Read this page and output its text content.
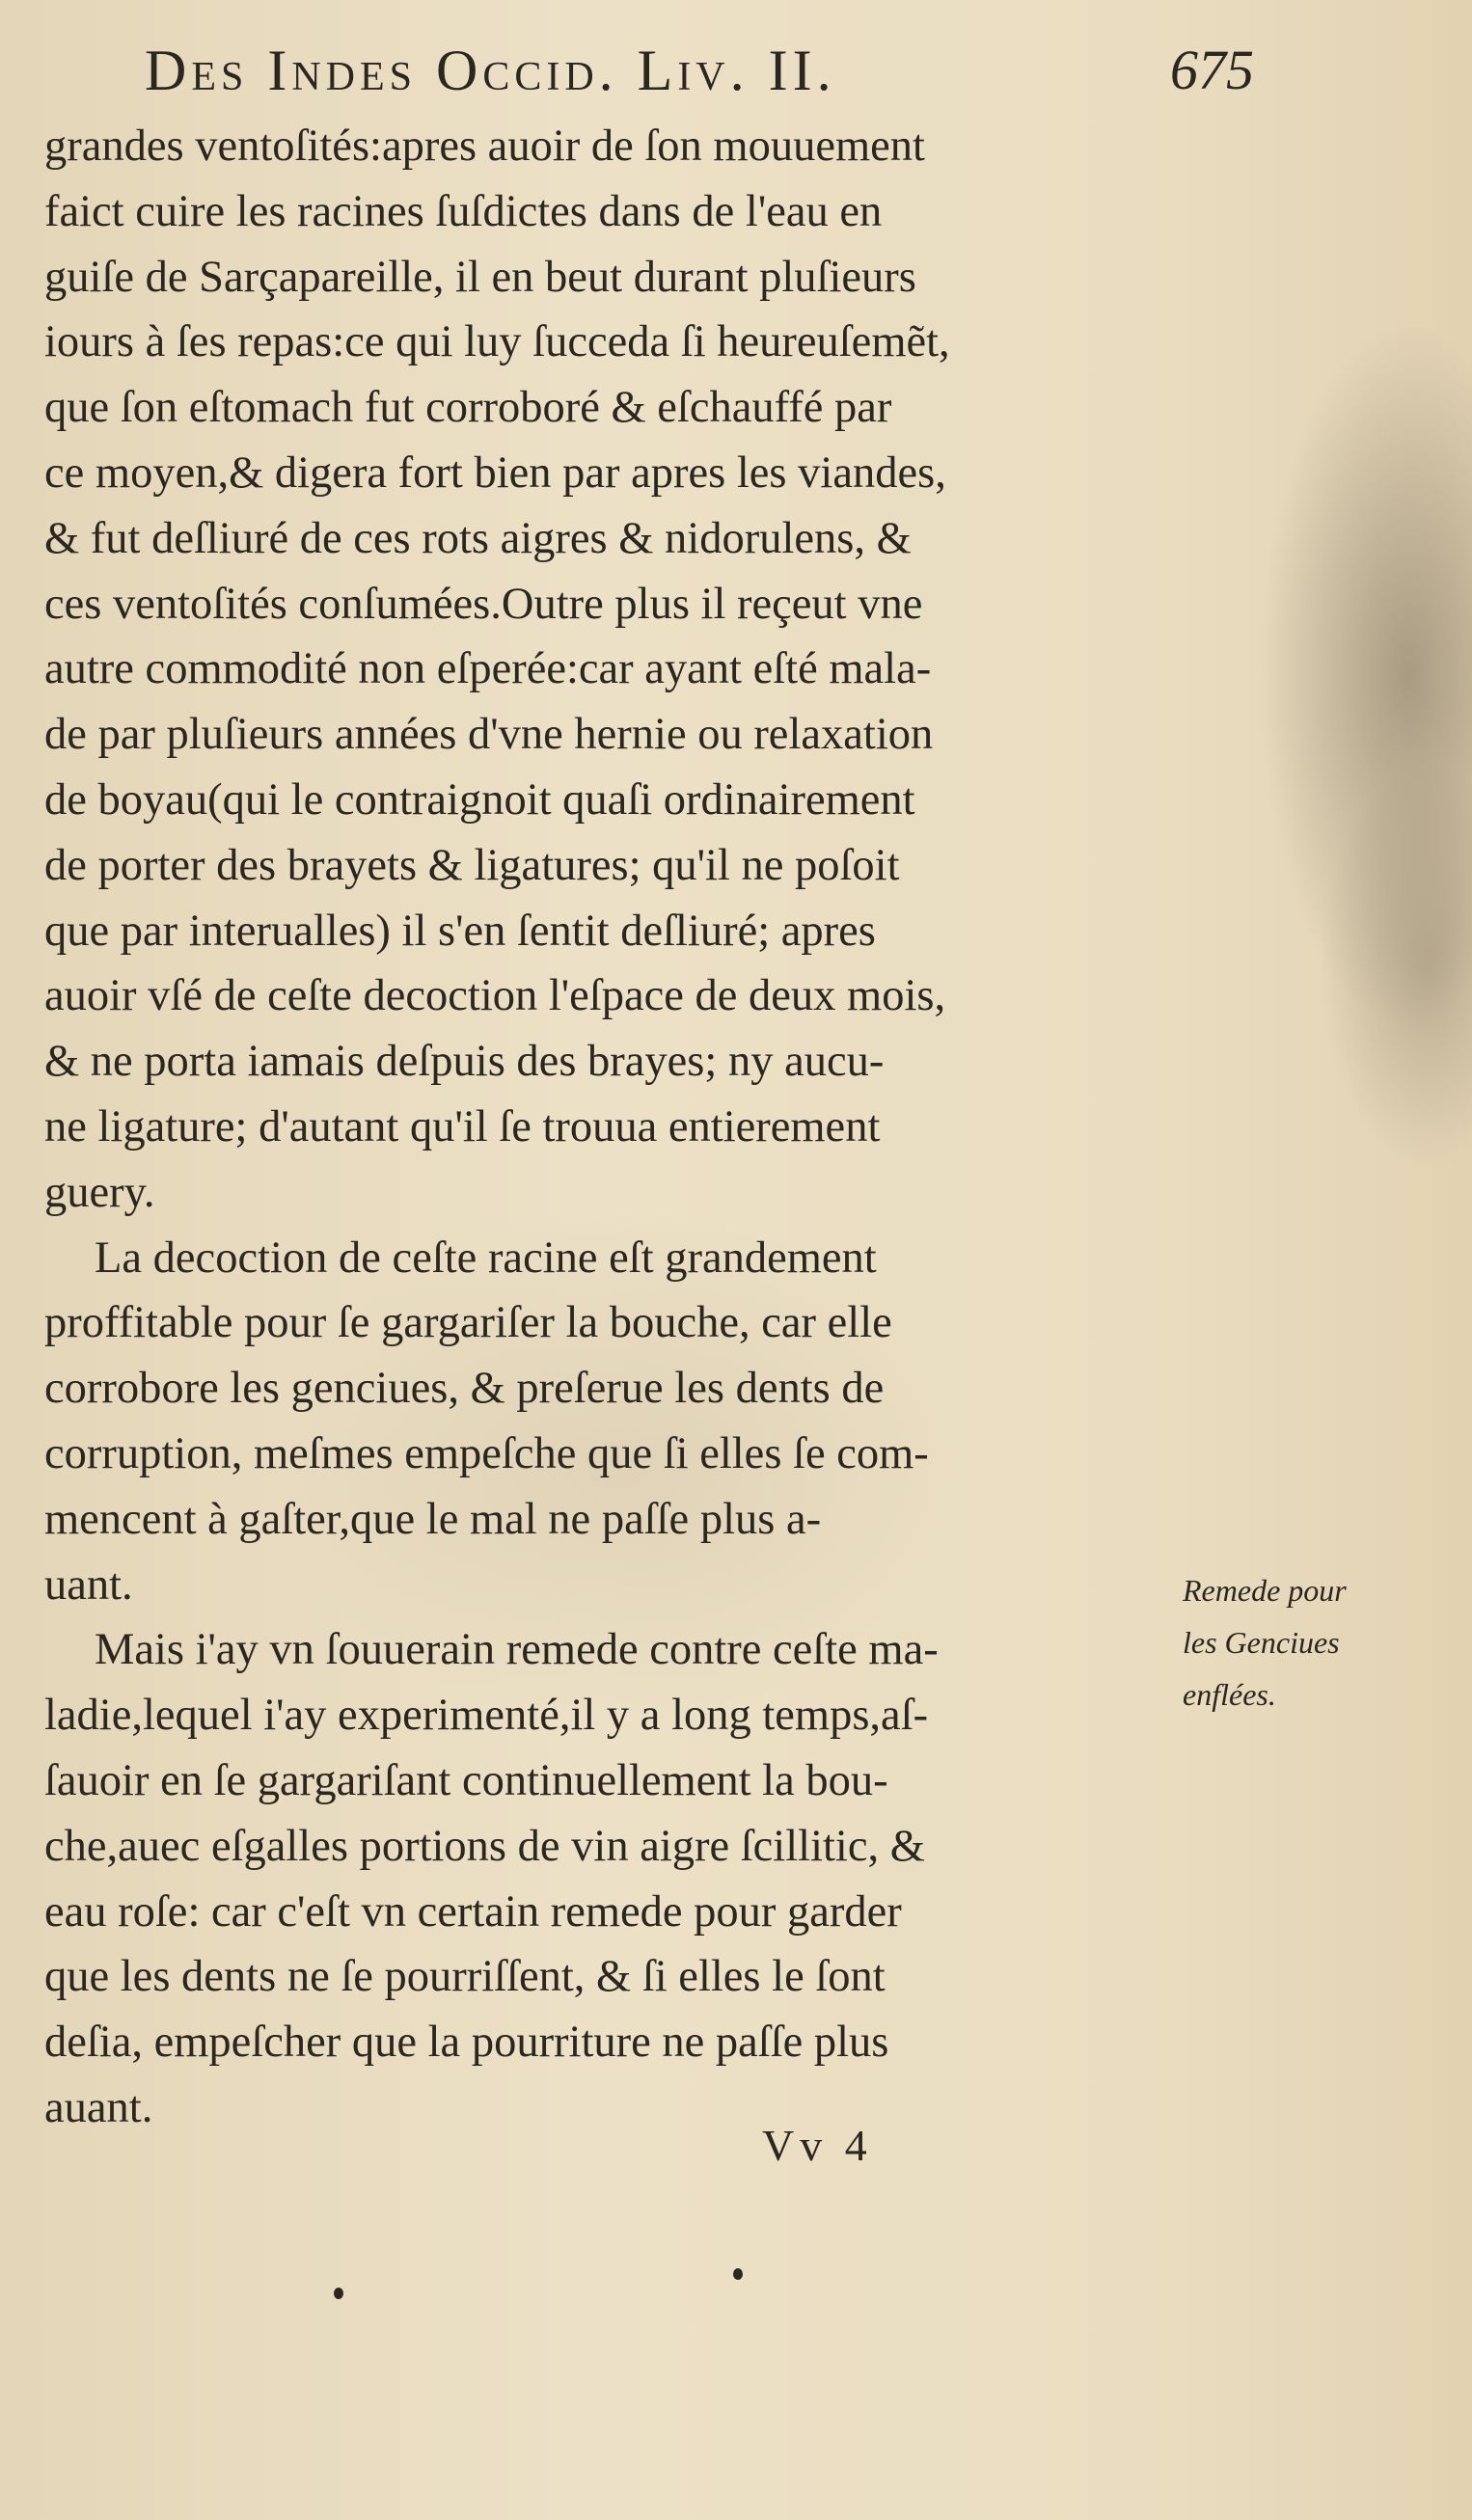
Des Indes Occid. Liv. II.	675
grandes ventoſités:apres auoir de ſon mouuement
faict cuire les racines ſuſdictes dans de l'eau en
guiſe de Sarçapareille, il en beut durant pluſieurs
iours à ſes repas:ce qui luy ſucceda ſi heureuſemẽt,
que ſon eſtomach fut corroboré & eſchauffé par
ce moyen,& digera fort bien par apres les viandes,
& fut deſliuré de ces rots aigres & nidorulens, &
ces ventoſités conſumées.Outre plus il reçeut vne
autre commodité non eſperée:car ayant eſté mala-
de par pluſieurs années d'vne hernie ou relaxation
de boyau(qui le contraignoit quaſi ordinairement
de porter des brayets & ligatures; qu'il ne poſoit
que par interualles) il s'en ſentit deſliuré; apres
auoir vſé de ceſte decoction l'eſpace de deux mois,
& ne porta iamais deſpuis des brayes; ny aucu-
ne ligature; d'autant qu'il ſe trouua entierement
guery.
La decoction de ceſte racine eſt grandement
proffitable pour ſe gargariſer la bouche, car elle
corrobore les genciues, & preſerue les dents de
corruption, meſmes empeſche que ſi elles ſe com-
mencent à gaſter,que le mal ne paſſe plus a-
uant.
Mais i'ay vn ſouuerain remede contre ceſte ma-
ladie,lequel i'ay experimenté,il y a long temps,aſ-
ſauoir en ſe gargariſant continuellement la bou-
che,auec eſgalles portions de vin aigre ſcillitic, &
eau roſe: car c'eſt vn certain remede pour garder
que les dents ne ſe pourriſſent, & ſi elles le ſont
deſia, empeſcher que la pourriture ne paſſe plus
auant.
Remede pour
les Genciues
enflées.
Vv 4
